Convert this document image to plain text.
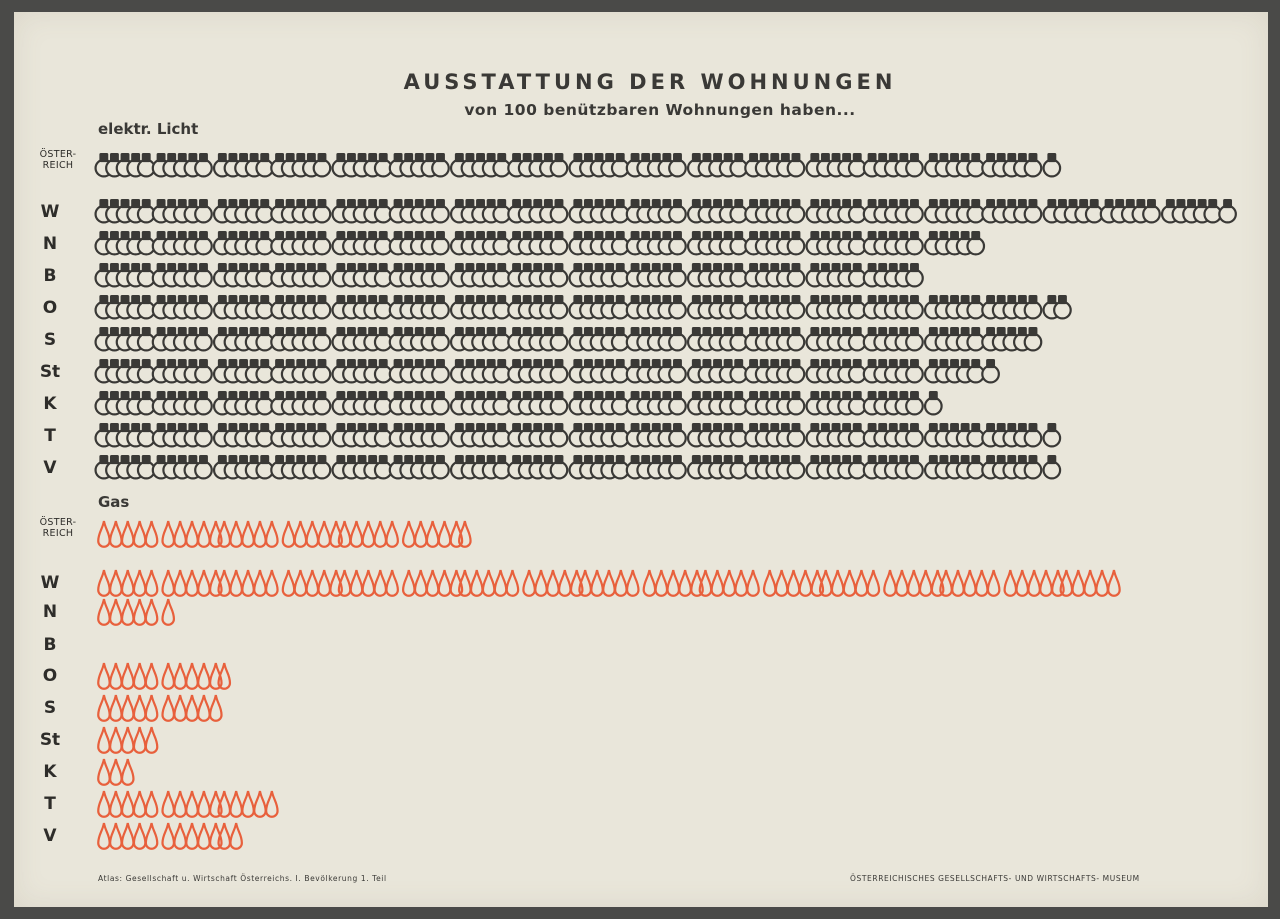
AUSSTATTUNG DER WOHNUNGEN
von 100 benützbaren Wohnungen haben...
elektr. Licht
Gas
ÖSTER-
REICH
W
N
B
O
S
St
K
T
V
ÖSTER-
REICH
W
N
B
O
S
St
K
T
V
Atlas: Gesellschaft u. Wirtschaft Österreichs. I. Bevölkerung 1. Teil	ÖSTERREICHISCHES GESELLSCHAFTS- UND WIRTSCHAFTS- MUSEUM
